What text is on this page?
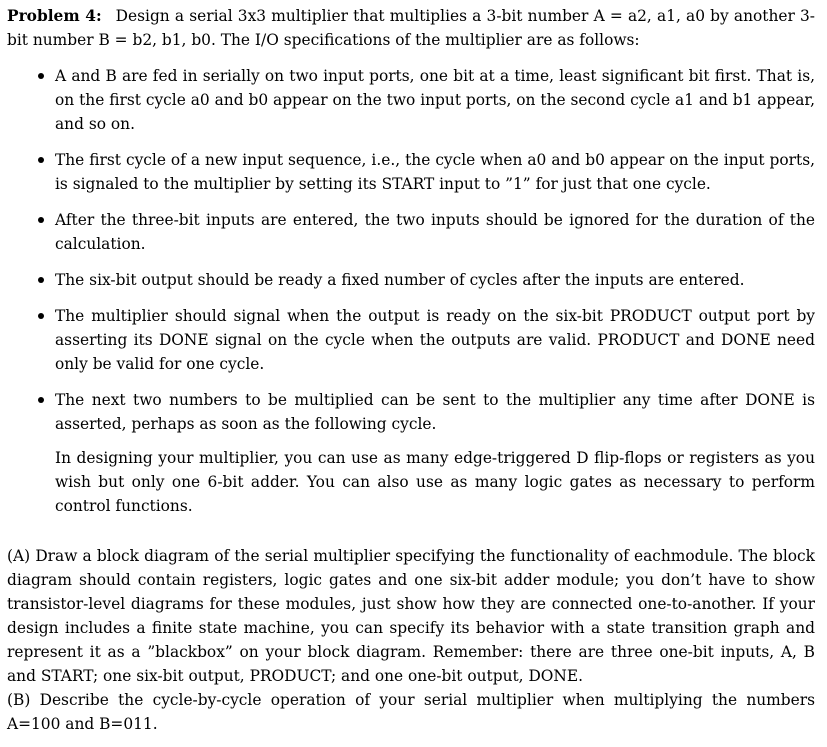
Problem 4: Design a serial 3x3 multiplier that multiplies a 3-bit number A = a2, a1, a0 by another 3-bit number B = b2, b1, b0. The I/O specifications of the multiplier are as follows:

A and B are fed in serially on two input ports, one bit at a time, least significant bit first. That is, on the first cycle a0 and b0 appear on the two input ports, on the second cycle a1 and b1 appear, and so on.
The first cycle of a new input sequence, i.e., the cycle when a0 and b0 appear on the input ports, is signaled to the multiplier by setting its START input to ”1” for just that one cycle.
After the three-bit inputs are entered, the two inputs should be ignored for the duration of the calculation.
The six-bit output should be ready a fixed number of cycles after the inputs are entered.
The multiplier should signal when the output is ready on the six-bit PRODUCT output port by asserting its DONE signal on the cycle when the outputs are valid. PRODUCT and DONE need only be valid for one cycle.
The next two numbers to be multiplied can be sent to the multiplier any time after DONE is asserted, perhaps as soon as the following cycle.

In designing your multiplier, you can use as many edge-triggered D flip-flops or registers as you wish but only one 6-bit adder. You can also use as many logic gates as necessary to perform control functions.

(A) Draw a block diagram of the serial multiplier specifying the functionality of eachmodule. The block diagram should contain registers, logic gates and one six-bit adder module; you don’t have to show transistor-level diagrams for these modules, just show how they are connected one-to-another. If your design includes a finite state machine, you can specify its behavior with a state transition graph and represent it as a ”blackbox” on your block diagram. Remember: there are three one-bit inputs, A, B and START; one six-bit output, PRODUCT; and one one-bit output, DONE.

(B) Describe the cycle-by-cycle operation of your serial multiplier when multiplying the numbers A=100 and B=011.
